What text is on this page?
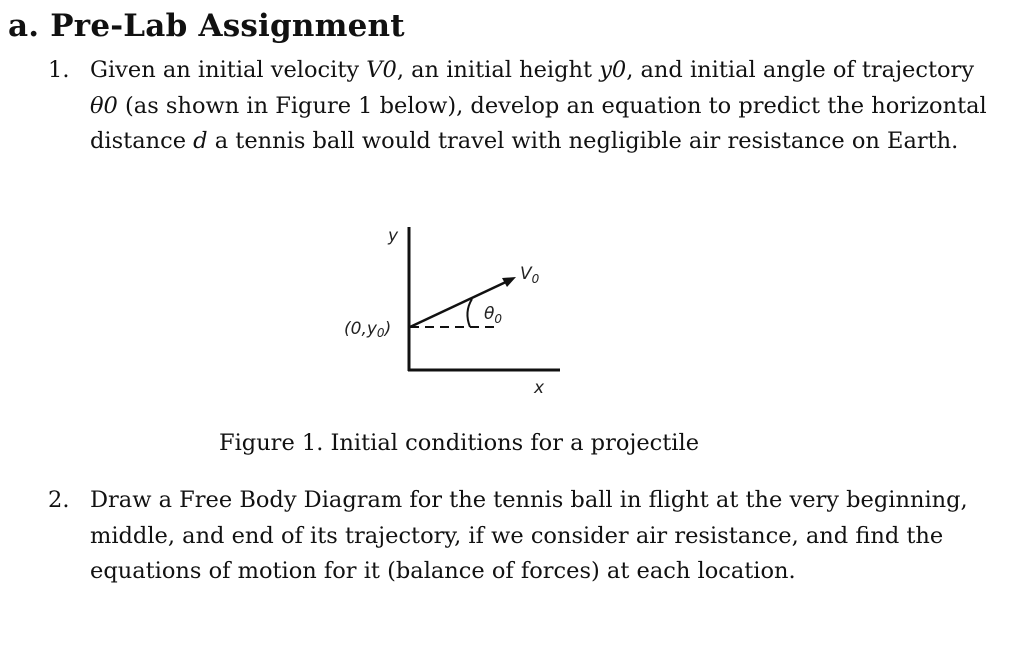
a. Pre-Lab Assignment
1. Given an initial velocity V0, an initial height y0, and initial angle of trajectory θ0 (as shown in Figure 1 below), develop an equation to predict the horizontal distance d a tennis ball would travel with negligible air resistance on Earth.
y
x
$V_0$
$\theta_0$
(0,y0)
Figure 1. Initial conditions for a projectile
2. Draw a Free Body Diagram for the tennis ball in flight at the very beginning, middle, and end of its trajectory, if we consider air resistance, and find the equations of motion for it (balance of forces) at each location.
